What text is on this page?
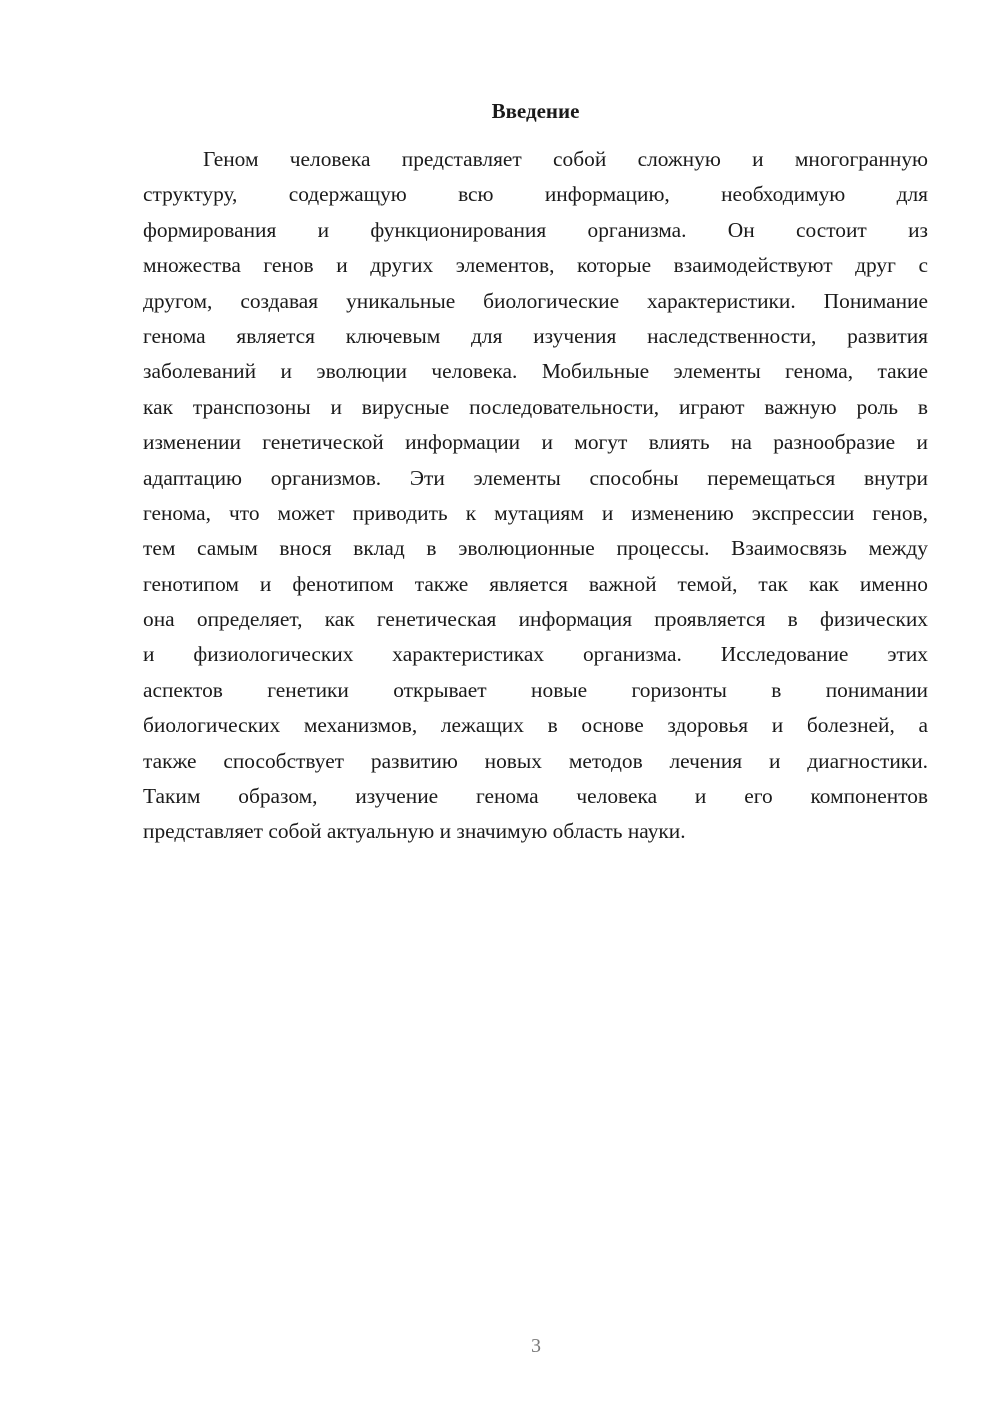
Введение
Геном человека представляет собой сложную и многогранную
структуру, содержащую всю информацию, необходимую для
формирования и функционирования организма. Он состоит из
множества генов и других элементов, которые взаимодействуют друг с
другом, создавая уникальные биологические характеристики. Понимание
генома является ключевым для изучения наследственности, развития
заболеваний и эволюции человека. Мобильные элементы генома, такие
как транспозоны и вирусные последовательности, играют важную роль в
изменении генетической информации и могут влиять на разнообразие и
адаптацию организмов. Эти элементы способны перемещаться внутри
генома, что может приводить к мутациям и изменению экспрессии генов,
тем самым внося вклад в эволюционные процессы. Взаимосвязь между
генотипом и фенотипом также является важной темой, так как именно
она определяет, как генетическая информация проявляется в физических
и физиологических характеристиках организма. Исследование этих
аспектов генетики открывает новые горизонты в понимании
биологических механизмов, лежащих в основе здоровья и болезней, а
также способствует развитию новых методов лечения и диагностики.
Таким образом, изучение генома человека и его компонентов
представляет собой актуальную и значимую область науки.
3
